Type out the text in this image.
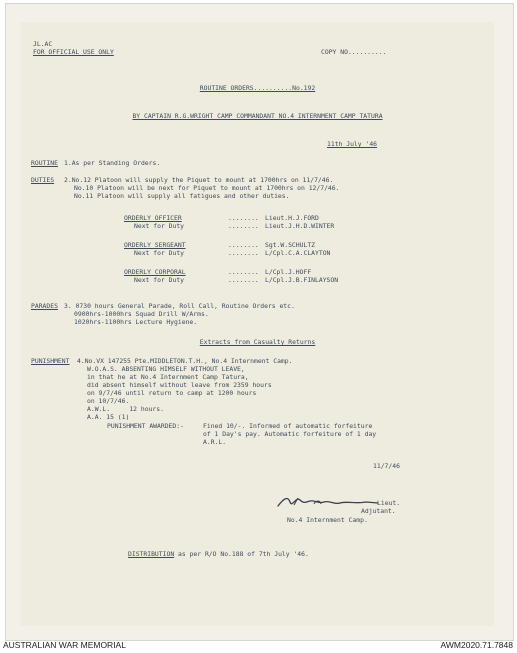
JL.AC
FOR OFFICIAL USE ONLY	COPY NO..........
ROUTINE ORDERS..........No.192
BY CAPTAIN R.G.WRIGHT CAMP COMMANDANT NO.4 INTERNMENT CAMP TATURA
11th July '46
ROUTINE 1.As per Standing Orders.
DUTIES 2.No.12 Platoon will supply the Piquet to mount at 1700hrs on 11/7/46.
No.10 Platoon will be next for Piquet to mount at 1700hrs on 12/7/46.
No.11 Platoon will supply all fatigues and other duties.
ORDERLY OFFICER	........ Lieut.H.J.FORD
Next for Duty	........ Lieut.J.H.D.WINTER
ORDERLY SERGEANT	........ Sgt.W.SCHULTZ
Next for Duty	........ L/Cpl.C.A.CLAYTON
ORDERLY CORPORAL	........ L/Cpl.J.HOFF
Next for Duty	........ L/Cpl.J.B.FINLAYSON
PARADES 3. 0730 hours General Parade, Roll Call, Routine Orders etc.
0900hrs-1000hrs Squad Drill W/Arms.
1020hrs-1100hrs Lecture Hygiene.
Extracts from Casualty Returns
PUNISHMENT 4.No.VX 147255 Pte.MIDDLETON.T.H., No.4 Internment Camp.
W.O.A.S. ABSENTING HIMSELF WITHOUT LEAVE,
in that he at No.4 Internment Camp Tatura,
did absent himself without leave from 2359 hours
on 9/7/46 until return to camp at 1200 hours
on 10/7/46.
A.W.L.     12 hours.
A.A. 15 (1)
PUNISHMENT AWARDED:-	Fined 10/-. Informed of automatic forfeiture
of 1 Day's pay. Automatic forfeiture of 1 day
A.R.L.
11/7/46
Lieut.
Adjutant.
No.4 Internment Camp.
DISTRIBUTION as per R/O No.188 of 7th July '46.
AUSTRALIAN WAR MEMORIAL	AWM2020.71.7848
